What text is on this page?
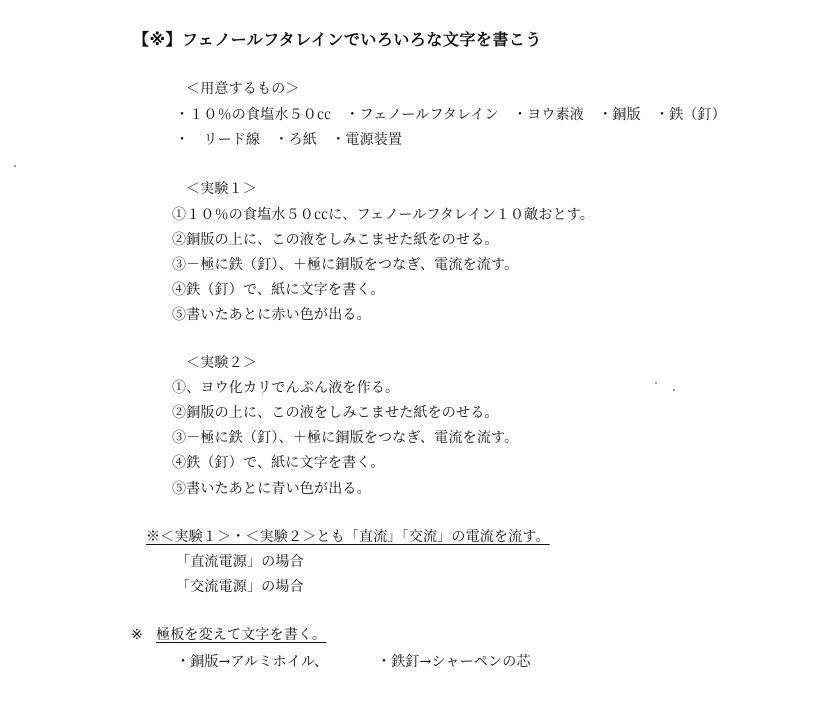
【※】フェノールフタレインでいろいろな文字を書こう
＜用意するもの＞
・１０％の食塩水５０㏄　・フェノールフタレイン　・ヨウ素液　・銅版　・鉄（釘）
・　リード線　・ろ紙　・電源装置
＜実験１＞
①１０％の食塩水５０㏄に、フェノールフタレイン１０敵おとす。
②銅版の上に、この液をしみこませた紙をのせる。
③－極に鉄（釘）、＋極に銅版をつなぎ、電流を流す。
④鉄（釘）で、紙に文字を書く。
⑤書いたあとに赤い色が出る。
＜実験２＞
①、ヨウ化カリでんぷん液を作る。
②銅版の上に、この液をしみこませた紙をのせる。
③－極に鉄（釘）、＋極に銅版をつなぎ、電流を流す。
④鉄（釘）で、紙に文字を書く。
⑤書いたあとに青い色が出る。
※＜実験１＞・＜実験２＞とも「直流」「交流」の電流を流す。
「直流電源」の場合
「交流電源」の場合
※ 極板を変えて文字を書く。
・銅版→アルミホイル、	・鉄釘→シャーペンの芯
